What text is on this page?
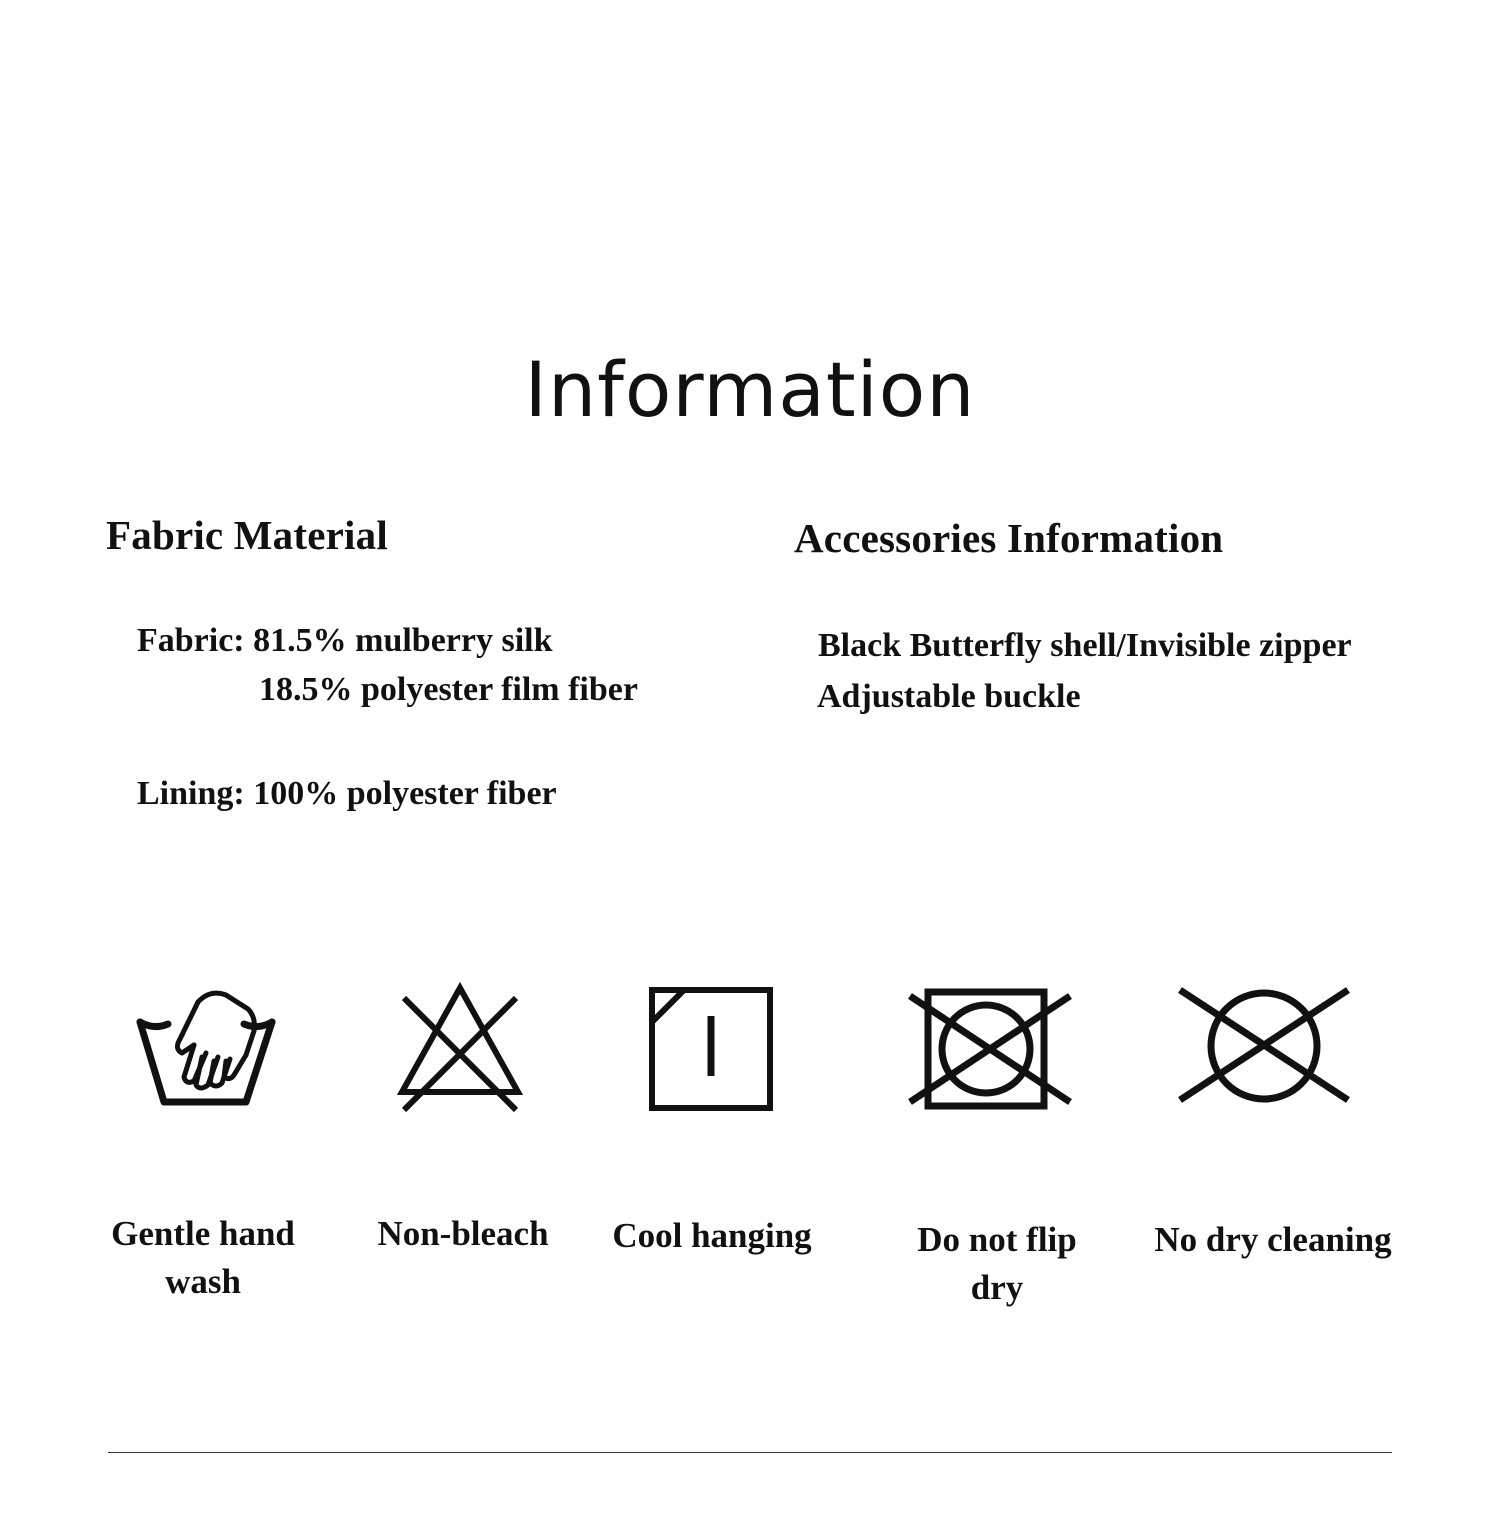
Information
Fabric Material
Fabric: 81.5% mulberry silk
18.5% polyester film fiber
Lining: 100% polyester fiber
Accessories Information
Black Butterfly shell/Invisible zipper
Adjustable buckle
Gentle hand
wash
Non-bleach	Cool hanging	Do not flip
dry
No dry cleaning
